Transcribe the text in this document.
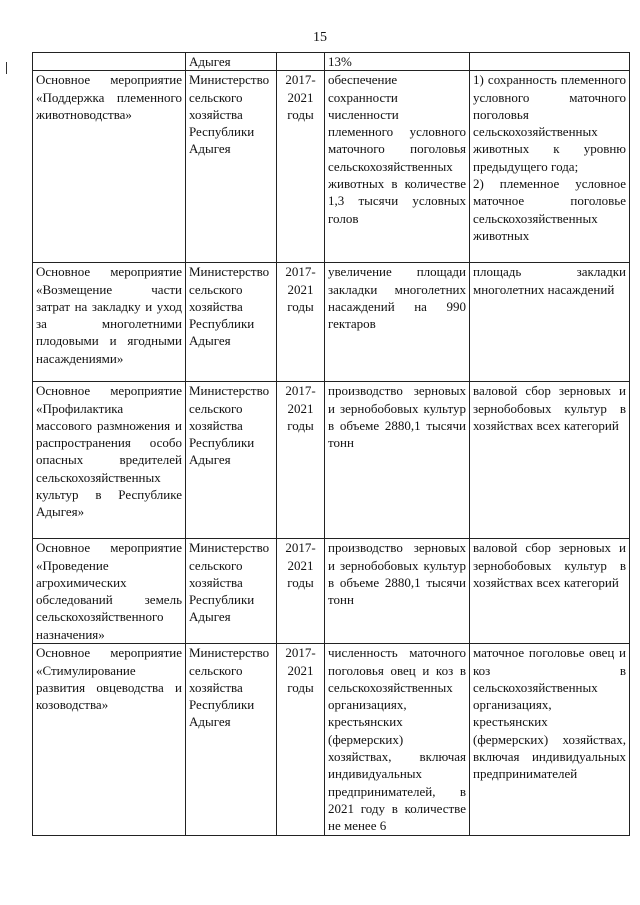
15
	Адыгея		13%	
Основное мероприятие «Поддержка племенного животноводства»	Министерство сельского хозяйства Республики Адыгея	2017-2021 годы	обеспечение сохранности численности племенного условного маточного поголовья сельскохозяйственных животных в количестве 1,3 тысячи условных голов	1) сохранность племенного условного маточного поголовья сельскохозяйственных животных к уровню предыдущего года;
2) племенное условное маточное поголовье сельскохозяйственных животных

Основное мероприятие «Возмещение части затрат на закладку и уход за многолетними плодовыми и ягодными насаждениями»	Министерство сельского хозяйства Республики Адыгея	2017-2021 годы	увеличение площади закладки многолетних насаждений на 990 гектаров	площадь закладки многолетних насаждений
Основное мероприятие «Профилактика массового размножения и распространения особо опасных вредителей сельскохозяйственных культур в Республике Адыгея»	Министерство сельского хозяйства Республики Адыгея	2017-2021 годы	производство зерновых и зернобобовых культур в объеме 2880,1 тысячи тонн	валовой сбор зерновых и зернобобовых культур в хозяйствах всех категорий
Основное мероприятие «Проведение агрохимических обследований земель сельскохозяйственного назначения»	Министерство сельского хозяйства Республики Адыгея	2017-2021 годы	производство зерновых и зернобобовых культур в объеме 2880,1 тысячи тонн	валовой сбор зерновых и зернобобовых культур в хозяйствах всех категорий
Основное мероприятие «Стимулирование развития овцеводства и козоводства»	Министерство сельского хозяйства Республики Адыгея	2017-2021 годы	численность маточного поголовья овец и коз в сельскохозяйственных организациях, крестьянских (фермерских) хозяйствах, включая индивидуальных предпринимателей, в 2021 году в количестве не менее 6	маточное поголовье овец и коз в сельскохозяйственных организациях, крестьянских (фермерских) хозяйствах, включая индивидуальных предпринимателей
